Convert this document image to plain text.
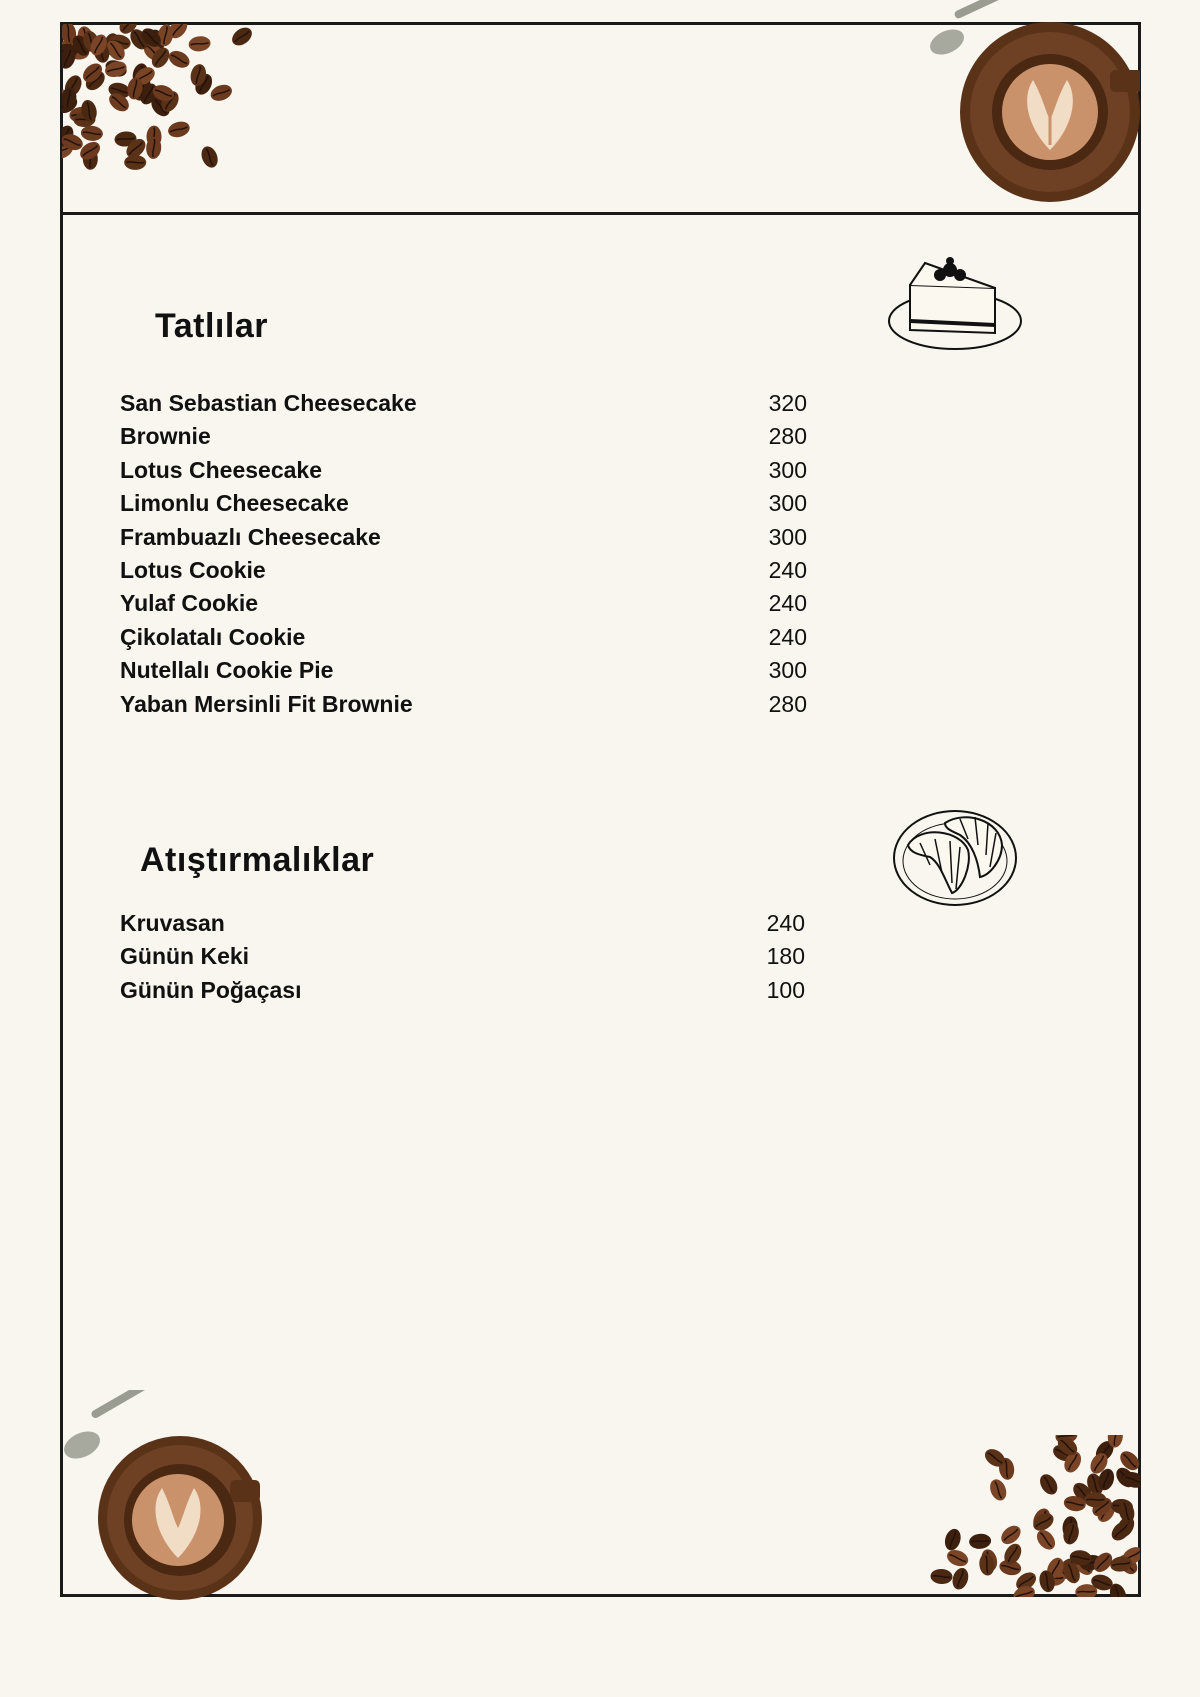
Tatlılar
San Sebastian Cheesecake	320
Brownie	280
Lotus Cheesecake	300
Limonlu Cheesecake	300
Frambuazlı Cheesecake	300
Lotus Cookie	240
Yulaf Cookie	240
Çikolatalı Cookie	240
Nutellalı Cookie Pie	300
Yaban Mersinli Fit Brownie	280
Atıştırmalıklar
Kruvasan	240
Günün Keki	180
Günün Poğaçası	100
